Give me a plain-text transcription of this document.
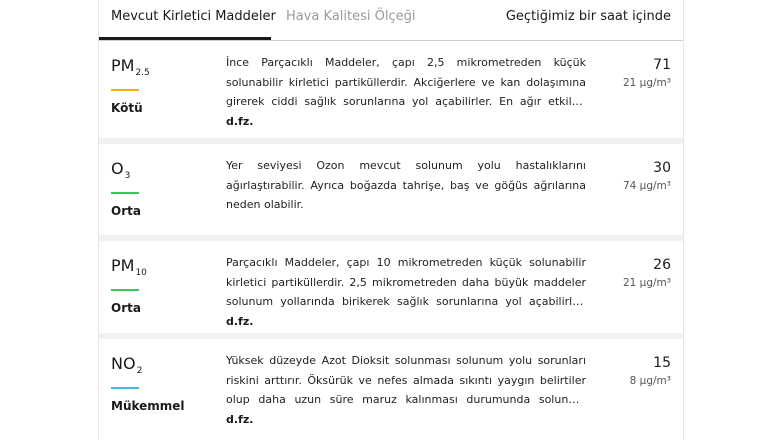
Mevcut Kirletici Maddeler Hava Kalitesi Ölçeği	Geçtiğimiz bir saat içinde
$PM_{2.5}$
Kötü
İnce Parçacıklı Maddeler, çapı 2,5 mikrometreden küçük solunabilir kirletici partiküllerdir. Akciğerlere ve kan dolaşımına girerek ciddi sağlık sorunlarına yol açabilirler. En ağır etkileri
d.fz.
71
21 µg/m³
$O_3$
Orta
Yer seviyesi Ozon mevcut solunum yolu hastalıklarını ağırlaştırabilir. Ayrıca boğazda tahrişe, baş ve göğüs ağrılarına neden olabilir.
30
74 µg/m³
$PM_{10}$
Orta
Parçacıklı Maddeler, çapı 10 mikrometreden küçük solunabilir kirletici partiküllerdir. 2,5 mikrometreden daha büyük maddeler solunum yollarında birikerek sağlık sorunlarına yol açabilirler.
d.fz.
26
21 µg/m³
$NO_2$
Mükemmel
Yüksek düzeyde Azot Dioksit solunması solunum yolu sorunları riskini arttırır. Öksürük ve nefes almada sıkıntı yaygın belirtiler olup daha uzun süre maruz kalınması durumunda solunum
d.fz.
15
8 µg/m³
